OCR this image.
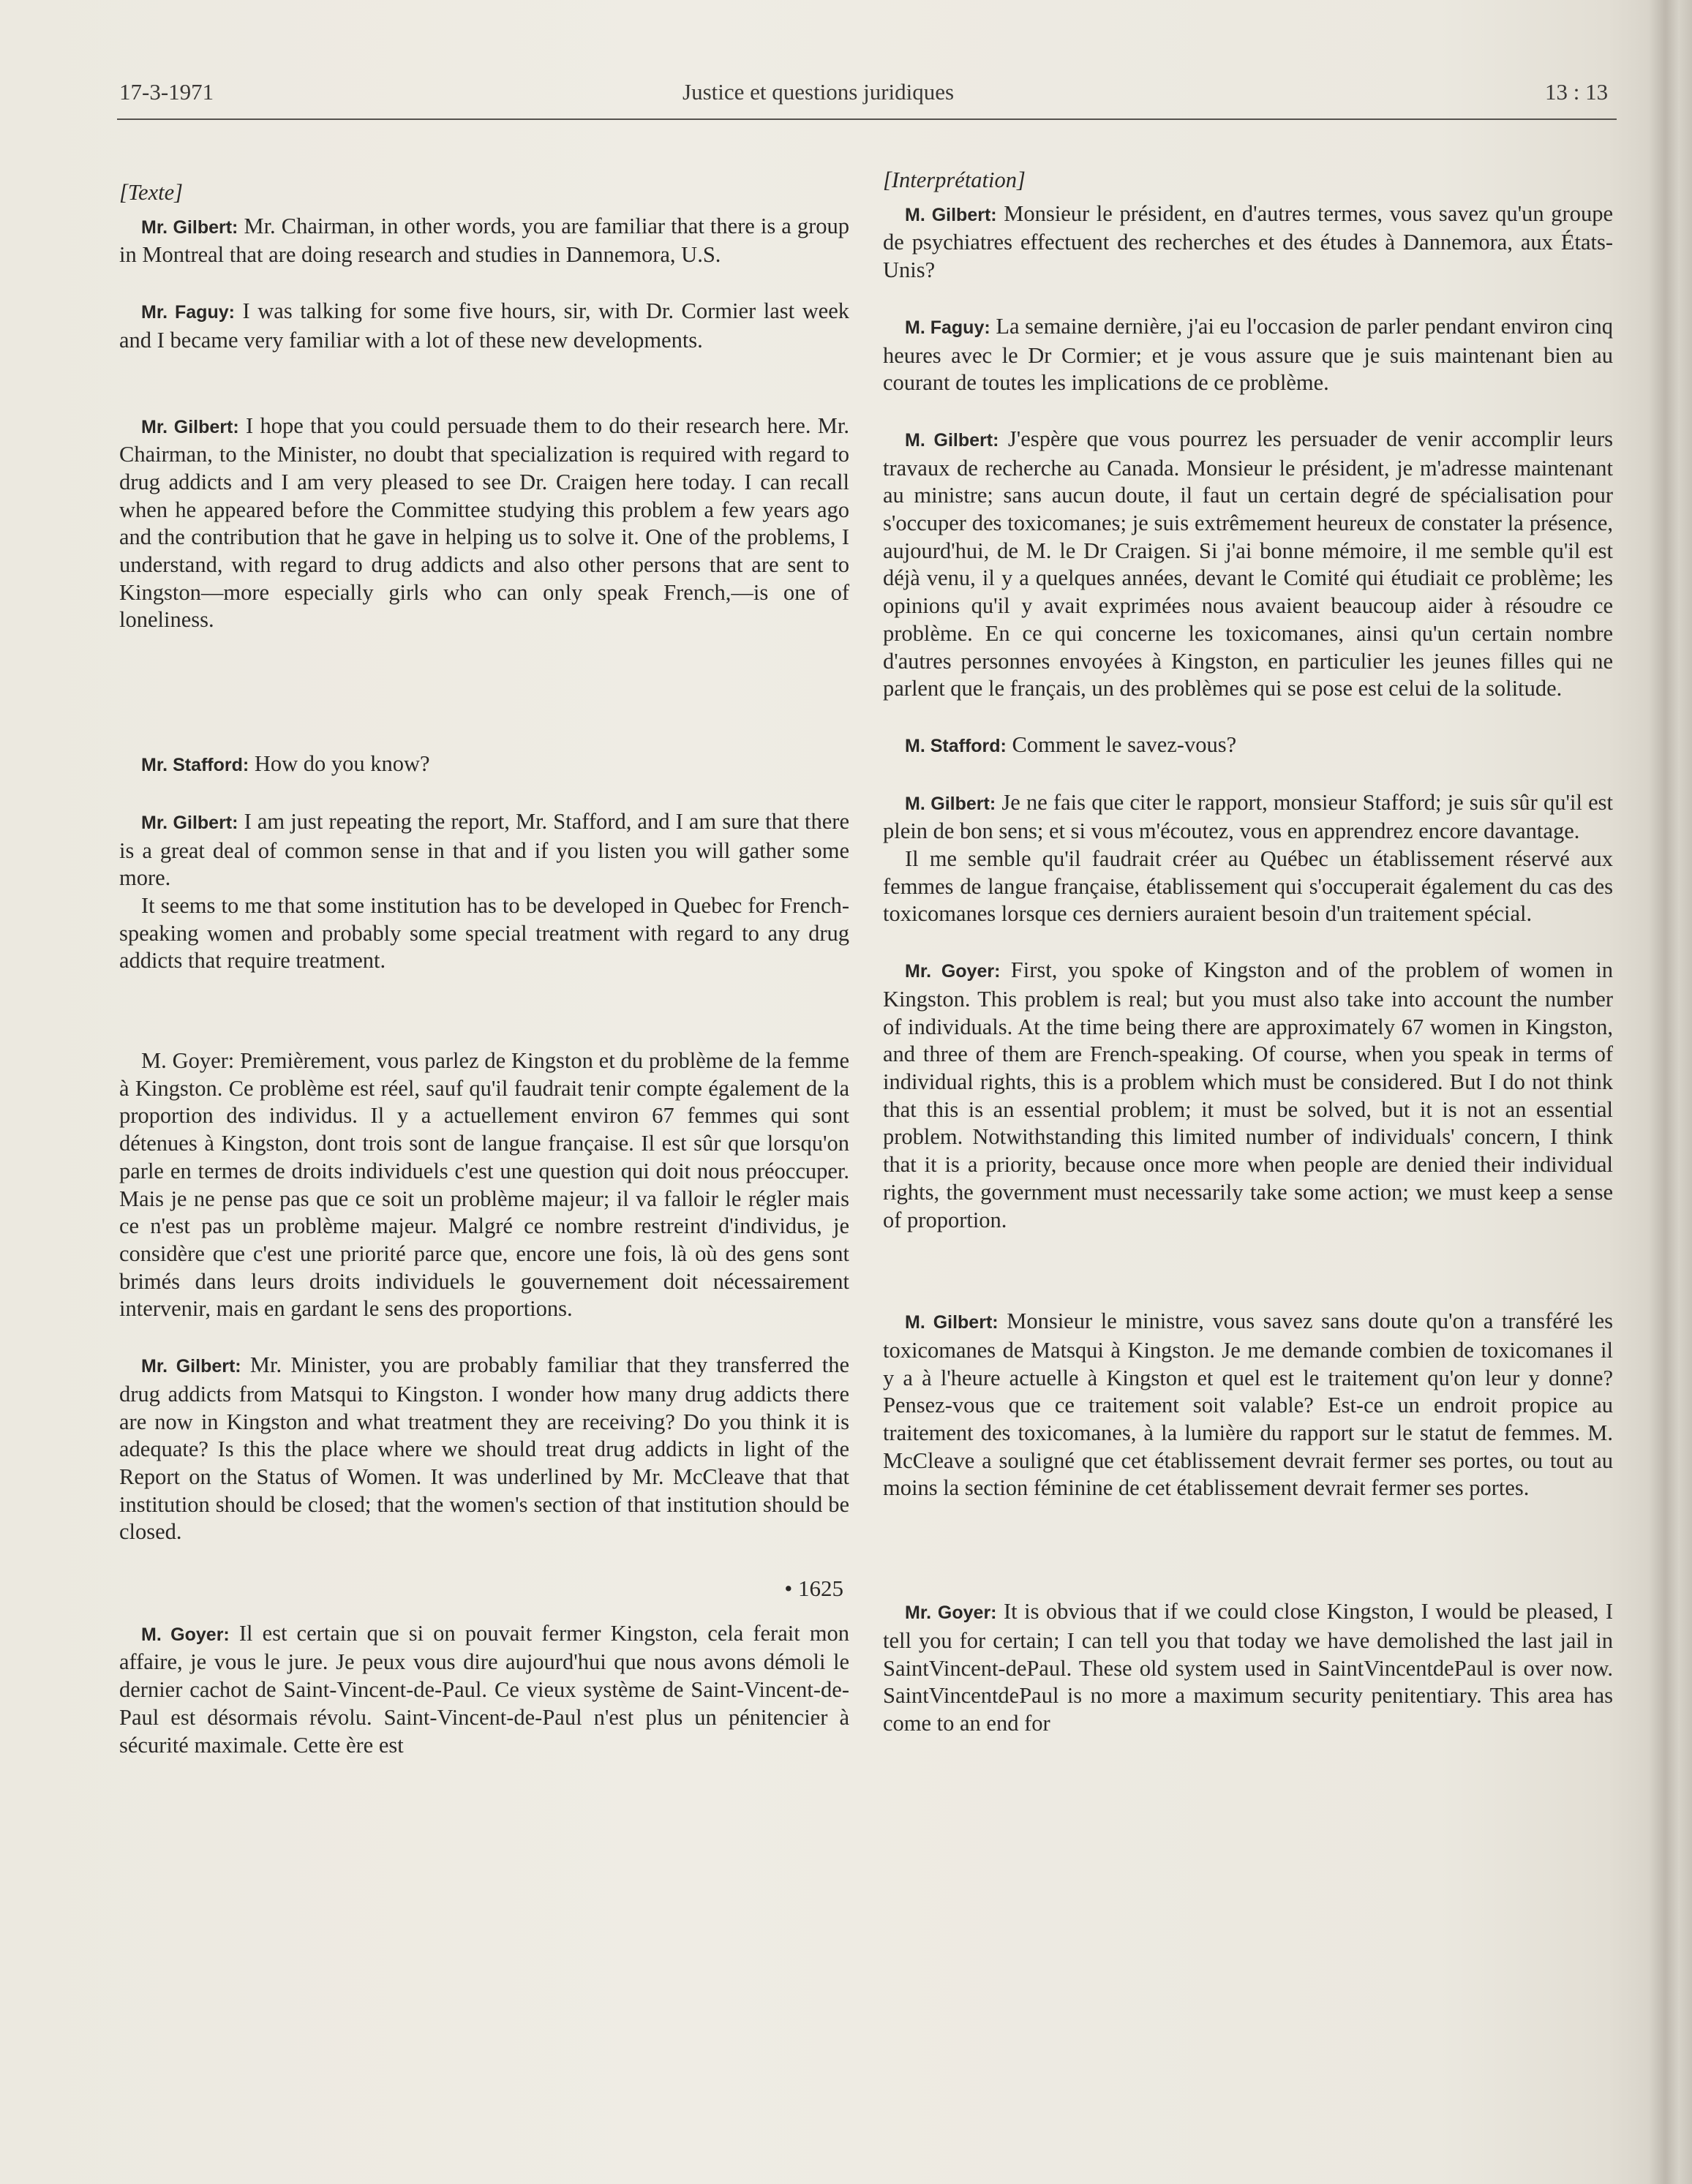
17-3-1971	Justice et questions juridiques	13 : 13
[Texte]

Mr. Gilbert: Mr. Chairman, in other words, you are familiar that there is a group in Montreal that are doing research and studies in Dannemora, U.S.

Mr. Faguy: I was talking for some five hours, sir, with Dr. Cormier last week and I became very familiar with a lot of these new developments.

Mr. Gilbert: I hope that you could persuade them to do their research here. Mr. Chairman, to the Minister, no doubt that specialization is required with regard to drug addicts and I am very pleased to see Dr. Craigen here today. I can recall when he appeared before the Committee studying this problem a few years ago and the contribution that he gave in helping us to solve it. One of the problems, I understand, with regard to drug addicts and also other persons that are sent to Kingston—more especially girls who can only speak French,—is one of loneliness.

Mr. Stafford: How do you know?

Mr. Gilbert: I am just repeating the report, Mr. Stafford, and I am sure that there is a great deal of common sense in that and if you listen you will gather some more.

It seems to me that some institution has to be developed in Quebec for French-speaking women and probably some special treatment with regard to any drug addicts that require treatment.

M. Goyer: Premièrement, vous parlez de Kingston et du problème de la femme à Kingston. Ce problème est réel, sauf qu'il faudrait tenir compte également de la proportion des individus. Il y a actuellement environ 67 femmes qui sont détenues à Kingston, dont trois sont de langue française. Il est sûr que lorsqu'on parle en termes de droits individuels c'est une question qui doit nous préoccuper. Mais je ne pense pas que ce soit un problème majeur; il va falloir le régler mais ce n'est pas un problème majeur. Malgré ce nombre restreint d'individus, je considère que c'est une priorité parce que, encore une fois, là où des gens sont brimés dans leurs droits individuels le gouvernement doit nécessairement intervenir, mais en gardant le sens des proportions.

Mr. Gilbert: Mr. Minister, you are probably familiar that they transferred the drug addicts from Matsqui to Kingston. I wonder how many drug addicts there are now in Kingston and what treatment they are receiving? Do you think it is adequate? Is this the place where we should treat drug addicts in light of the Report on the Status of Women. It was underlined by Mr. McCleave that that institution should be closed; that the women's section of that institution should be closed.

• 1625

M. Goyer: Il est certain que si on pouvait fermer Kingston, cela ferait mon affaire, je vous le jure. Je peux vous dire aujourd'hui que nous avons démoli le dernier cachot de Saint-Vincent-de-Paul. Ce vieux système de Saint-Vincent-de-Paul est désormais révolu. Saint-Vincent-de-Paul n'est plus un pénitencier à sécurité maximale. Cette ère est

[Interprétation]

M. Gilbert: Monsieur le président, en d'autres termes, vous savez qu'un groupe de psychiatres effectuent des recherches et des études à Dannemora, aux États-Unis?

M. Faguy: La semaine dernière, j'ai eu l'occasion de parler pendant environ cinq heures avec le Dr Cormier; et je vous assure que je suis maintenant bien au courant de toutes les implications de ce problème.

M. Gilbert: J'espère que vous pourrez les persuader de venir accomplir leurs travaux de recherche au Canada. Monsieur le président, je m'adresse maintenant au ministre; sans aucun doute, il faut un certain degré de spécialisation pour s'occuper des toxicomanes; je suis extrêmement heureux de constater la présence, aujourd'hui, de M. le Dr Craigen. Si j'ai bonne mémoire, il me semble qu'il est déjà venu, il y a quelques années, devant le Comité qui étudiait ce problème; les opinions qu'il y avait exprimées nous avaient beaucoup aider à résoudre ce problème. En ce qui concerne les toxicomanes, ainsi qu'un certain nombre d'autres personnes envoyées à Kingston, en particulier les jeunes filles qui ne parlent que le français, un des problèmes qui se pose est celui de la solitude.

M. Stafford: Comment le savez-vous?

M. Gilbert: Je ne fais que citer le rapport, monsieur Stafford; je suis sûr qu'il est plein de bon sens; et si vous m'écoutez, vous en apprendrez encore davantage.

Il me semble qu'il faudrait créer au Québec un établissement réservé aux femmes de langue française, établissement qui s'occuperait également du cas des toxicomanes lorsque ces derniers auraient besoin d'un traitement spécial.

Mr. Goyer: First, you spoke of Kingston and of the problem of women in Kingston. This problem is real; but you must also take into account the number of individuals. At the time being there are approximately 67 women in Kingston, and three of them are French-speaking. Of course, when you speak in terms of individual rights, this is a problem which must be considered. But I do not think that this is an essential problem; it must be solved, but it is not an essential problem. Notwithstanding this limited number of individuals' concern, I think that it is a priority, because once more when people are denied their individual rights, the government must necessarily take some action; we must keep a sense of proportion.

M. Gilbert: Monsieur le ministre, vous savez sans doute qu'on a transféré les toxicomanes de Matsqui à Kingston. Je me demande combien de toxicomanes il y a à l'heure actuelle à Kingston et quel est le traitement qu'on leur y donne? Pensez-vous que ce traitement soit valable? Est-ce un endroit propice au traitement des toxicomanes, à la lumière du rapport sur le statut de femmes. M. McCleave a souligné que cet établissement devrait fermer ses portes, ou tout au moins la section féminine de cet établissement devrait fermer ses portes.

Mr. Goyer: It is obvious that if we could close Kingston, I would be pleased, I tell you for certain; I can tell you that today we have demolished the last jail in SaintVincent-dePaul. These old system used in SaintVincentdePaul is over now. SaintVincentdePaul is no more a maximum security penitentiary. This area has come to an end for
